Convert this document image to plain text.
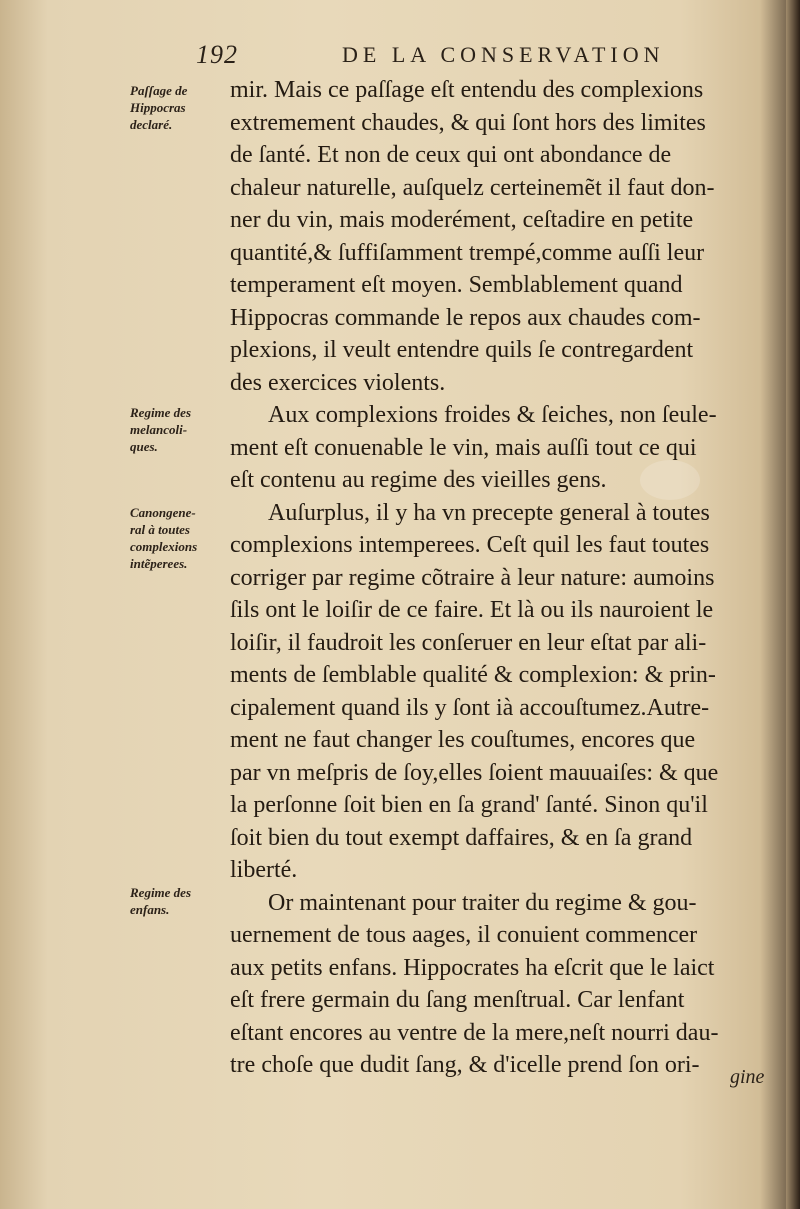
192	DE LA CONSERVATION
Paſſage de
Hippocras
declaré.
Regime des
melancoli-
ques.
Canongene-
ral à toutes
complexions
intẽperees.
Regime des
enfans.
mir. Mais ce paſſage eſt entendu des complexions
extremement chaudes, & qui ſont hors des limites
de ſanté. Et non de ceux qui ont abondance de
chaleur naturelle, auſquelz certeinemẽt il faut don-
ner du vin, mais moderément, ceſtadire en petite
quantité,& ſuffiſamment trempé,comme auſſi leur
temperament eſt moyen. Semblablement quand
Hippocras commande le repos aux chaudes com-
plexions, il veult entendre quils ſe contregardent
des exercices violents.
Aux complexions froides & ſeiches, non ſeule-
ment eſt conuenable le vin, mais auſſi tout ce qui
eſt contenu au regime des vieilles gens.
Auſurplus, il y ha vn precepte general à toutes
complexions intemperees. Ceſt quil les faut toutes
corriger par regime cõtraire à leur nature: aumoins
ſils ont le loiſir de ce faire. Et là ou ils nauroient le
loiſir, il faudroit les conſeruer en leur eſtat par ali-
ments de ſemblable qualité & complexion: & prin-
cipalement quand ils y ſont ià accouſtumez.Autre-
ment ne faut changer les couſtumes, encores que
par vn meſpris de ſoy,elles ſoient mauuaiſes: & que
la perſonne ſoit bien en ſa grand' ſanté. Sinon qu'il
ſoit bien du tout exempt daffaires, & en ſa grand
liberté.
Or maintenant pour traiter du regime & gou-
uernement de tous aages, il conuient commencer
aux petits enfans. Hippocrates ha eſcrit que le laict
eſt frere germain du ſang menſtrual. Car lenfant
eſtant encores au ventre de la mere,neſt nourri dau-
tre choſe que dudit ſang, & d'icelle prend ſon ori-	gine
